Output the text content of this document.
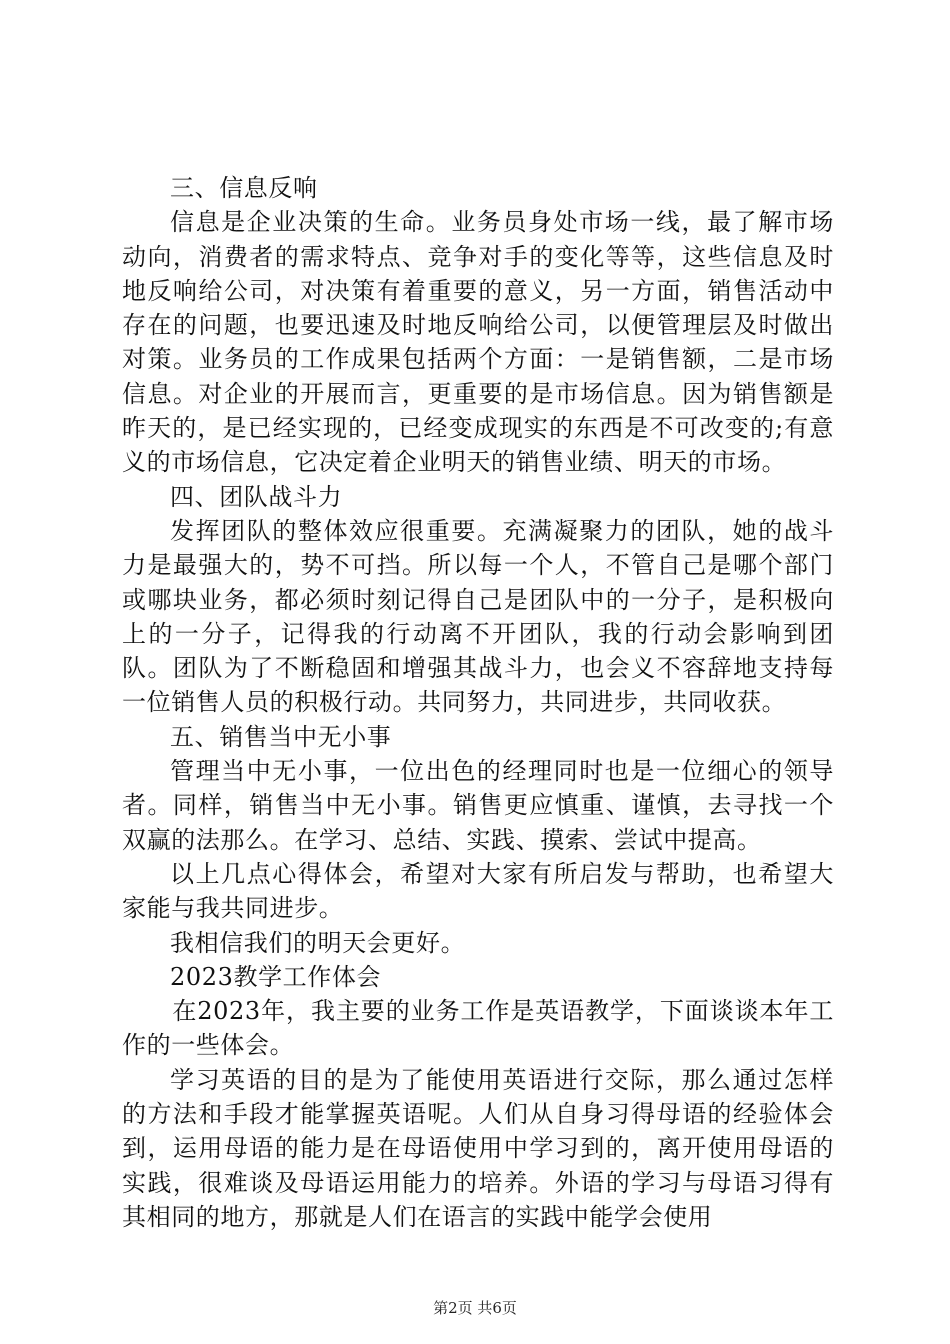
三、信息反响

信息是企业决策的生命。业务员身处市场一线，最了解市场动向，消费者的需求特点、竞争对手的变化等等，这些信息及时地反响给公司，对决策有着重要的意义，另一方面，销售活动中存在的问题，也要迅速及时地反响给公司，以便管理层及时做出对策。业务员的工作成果包括两个方面：一是销售额，二是市场信息。对企业的开展而言，更重要的是市场信息。因为销售额是昨天的，是已经实现的，已经变成现实的东西是不可改变的;有意义的市场信息，它决定着企业明天的销售业绩、明天的市场。

四、团队战斗力

发挥团队的整体效应很重要。充满凝聚力的团队，她的战斗力是最强大的，势不可挡。所以每一个人，不管自己是哪个部门或哪块业务，都必须时刻记得自己是团队中的一分子，是积极向上的一分子，记得我的行动离不开团队，我的行动会影响到团队。团队为了不断稳固和增强其战斗力，也会义不容辞地支持每一位销售人员的积极行动。共同努力，共同进步，共同收获。

五、销售当中无小事

管理当中无小事，一位出色的经理同时也是一位细心的领导者。同样，销售当中无小事。销售更应慎重、谨慎，去寻找一个双赢的法那么。在学习、总结、实践、摸索、尝试中提高。

以上几点心得体会，希望对大家有所启发与帮助，也希望大家能与我共同进步。

我相信我们的明天会更好。

2023教学工作体会

在2023年，我主要的业务工作是英语教学，下面谈谈本年工作的一些体会。

学习英语的目的是为了能使用英语进行交际，那么通过怎样的方法和手段才能掌握英语呢。人们从自身习得母语的经验体会到，运用母语的能力是在母语使用中学习到的，离开使用母语的实践，很难谈及母语运用能力的培养。外语的学习与母语习得有其相同的地方，那就是人们在语言的实践中能学会使用

第2页 共6页
